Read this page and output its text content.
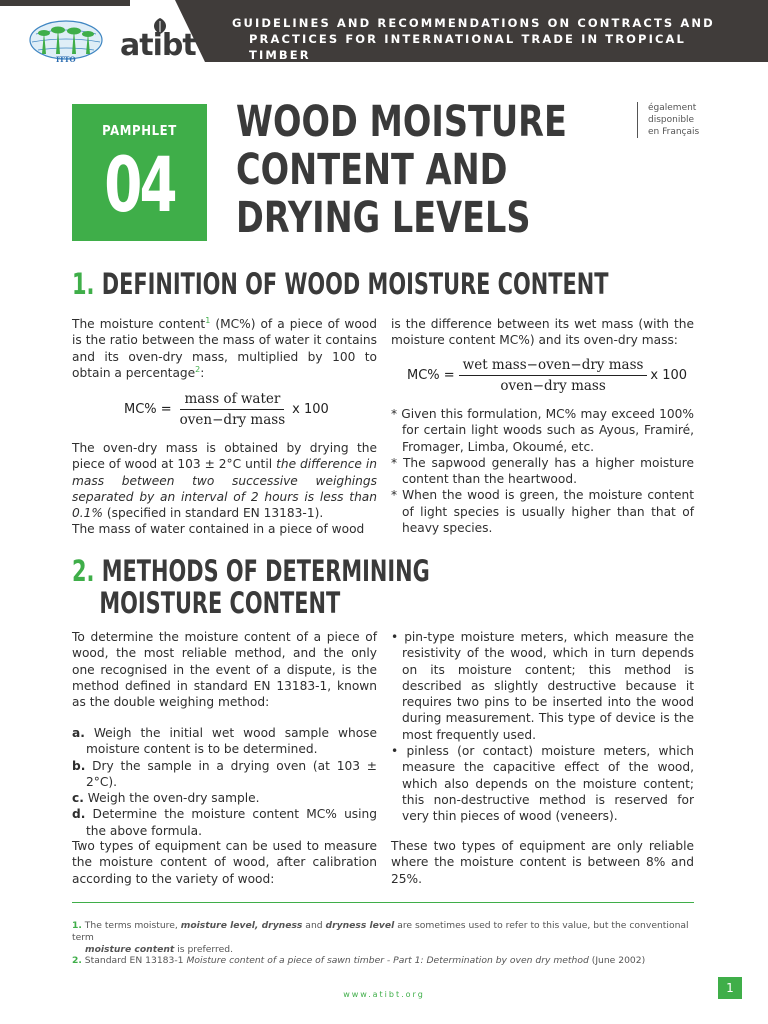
GUIDELINES AND RECOMMENDATIONS ON CONTRACTS AND
PRACTICES FOR INTERNATIONAL TRADE IN TROPICAL TIMBER
ITTO atibt
PAMPHLET
04
WOOD MOISTURE
CONTENT AND
DRYING LEVELS
également
disponible
en Français
1. DEFINITION OF WOOD MOISTURE CONTENT

The moisture content$^1$ (MC%) of a piece of wood is the ratio between the mass of water it contains and its oven-dry mass, multiplied by 100 to obtain a percentage$^2$:

$MC\% = \frac{\text{mass of water}}{\text{oven−dry mass}}$ x 100

The oven-dry mass is obtained by drying the piece of wood at 103 ± 2°C until the difference in mass between two successive weighings separated by an interval of 2 hours is less than 0.1% (specified in standard EN 13183-1).

The mass of water contained in a piece of wood

is the difference between its wet mass (with the moisture content MC%) and its oven-dry mass:

$MC\% = \frac{\text{wet mass−oven−dry mass}}{\text{oven−dry mass}}$ x 100
* Given this formulation, MC% may exceed 100% for certain light woods such as Ayous, Framiré, Fromager, Limba, Okoumé, etc.
* The sapwood generally has a higher moisture content than the heartwood.
* When the wood is green, the moisture content of light species is usually higher than that of heavy species.
2. METHODS OF DETERMINING
MOISTURE CONTENT

To determine the moisture content of a piece of wood, the most reliable method, and the only one recognised in the event of a dispute, is the method defined in standard EN 13183-1, known as the double weighing method:

a. Weigh the initial wet wood sample whose moisture content is to be determined.
b. Dry the sample in a drying oven (at 103 ± 2°C).
c. Weigh the oven-dry sample.
d. Determine the moisture content MC% using the above formula.

Two types of equipment can be used to measure the moisture content of wood, after calibration according to the variety of wood:

• pin-type moisture meters, which measure the resistivity of the wood, which in turn depends on its moisture content; this method is described as slightly destructive because it requires two pins to be inserted into the wood during measurement. This type of device is the most frequently used.
• pinless (or contact) moisture meters, which measure the capacitive effect of the wood, which also depends on the moisture content; this non-destructive method is reserved for very thin pieces of wood (veneers).

These two types of equipment are only reliable where the moisture content is between 8% and 25%.

1. The terms moisture, moisture level, dryness and dryness level are sometimes used to refer to this value, but the conventional term
moisture content is preferred.
2. Standard EN 13183-1 Moisture content of a piece of sawn timber - Part 1: Determination by oven dry method (June 2002)
www.atibt.org	1
